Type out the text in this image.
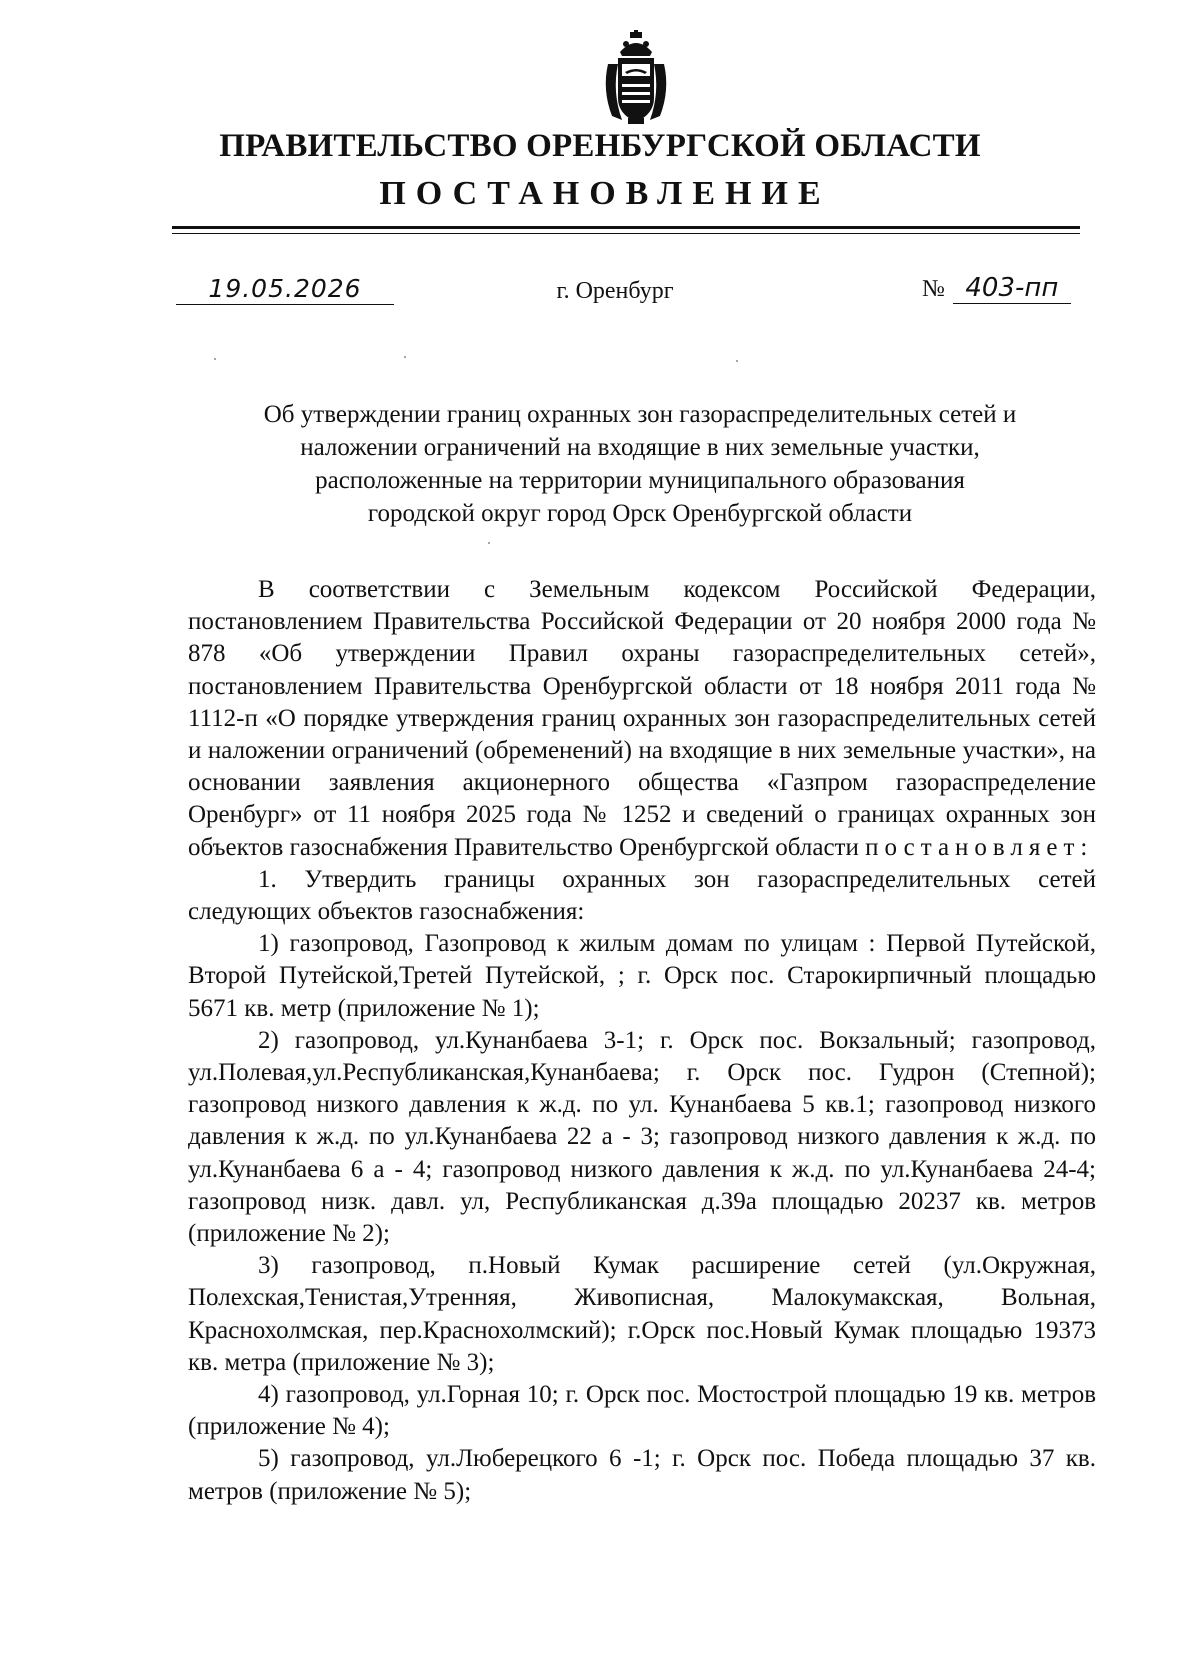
ПРАВИТЕЛЬСТВО ОРЕНБУРГСКОЙ ОБЛАСТИ
ПОСТАНОВЛЕНИЕ
19.05.2026	г. Оренбург	№ 403-пп
Об утверждении границ охранных зон газораспределительных сетей и
наложении ограничений на входящие в них земельные участки,
расположенные на территории муниципального образования
городской округ город Орск Оренбургской области

В соответствии с Земельным кодексом Российской Федерации, постановлением Правительства Российской Федерации от 20 ноября 2000 года № 878 «Об утверждении Правил охраны газораспределительных сетей», постановлением Правительства Оренбургской области от 18 ноября 2011 года № 1112-п «О порядке утверждения границ охранных зон газораспределительных сетей и наложении ограничений (обременений) на входящие в них земельные участки», на основании заявления акционерного общества «Газпром газораспределение Оренбург» от 11 ноября 2025 года № 1252 и сведений о границах охранных зон объектов газоснабжения Правительство Оренбургской области постановляет:

1. Утвердить границы охранных зон газораспределительных сетей следующих объектов газоснабжения:

1) газопровод, Газопровод к жилым домам по улицам : Первой Путейской, Второй Путейской,Третей Путейской, ; г. Орск пос. Старокирпичный площадью 5671 кв. метр (приложение № 1);

2) газопровод, ул.Кунанбаева 3-1; г. Орск пос. Вокзальный; газопровод, ул.Полевая,ул.Республиканская,Кунанбаева; г. Орск пос. Гудрон (Степной); газопровод низкого давления к ж.д. по ул. Кунанбаева 5 кв.1; газопровод низкого давления к ж.д. по ул.Кунанбаева 22 а - 3; газопровод низкого давления к ж.д. по ул.Кунанбаева 6 а - 4; газопровод низкого давления к ж.д. по ул.Кунанбаева 24-4; газопровод низк. давл. ул, Республиканская д.39а площадью 20237 кв. метров (приложение № 2);

3) газопровод, п.Новый Кумак расширение сетей (ул.Окружная, Полехская,Тенистая,Утренняя, Живописная, Малокумакская, Вольная, Краснохолмская, пер.Краснохолмский); г.Орск пос.Новый Кумак площадью 19373 кв. метра (приложение № 3);

4) газопровод, ул.Горная 10; г. Орск пос. Мостострой площадью 19 кв. метров (приложение № 4);

5) газопровод, ул.Люберецкого 6 -1; г. Орск пос. Победа площадью 37 кв. метров (приложение № 5);
